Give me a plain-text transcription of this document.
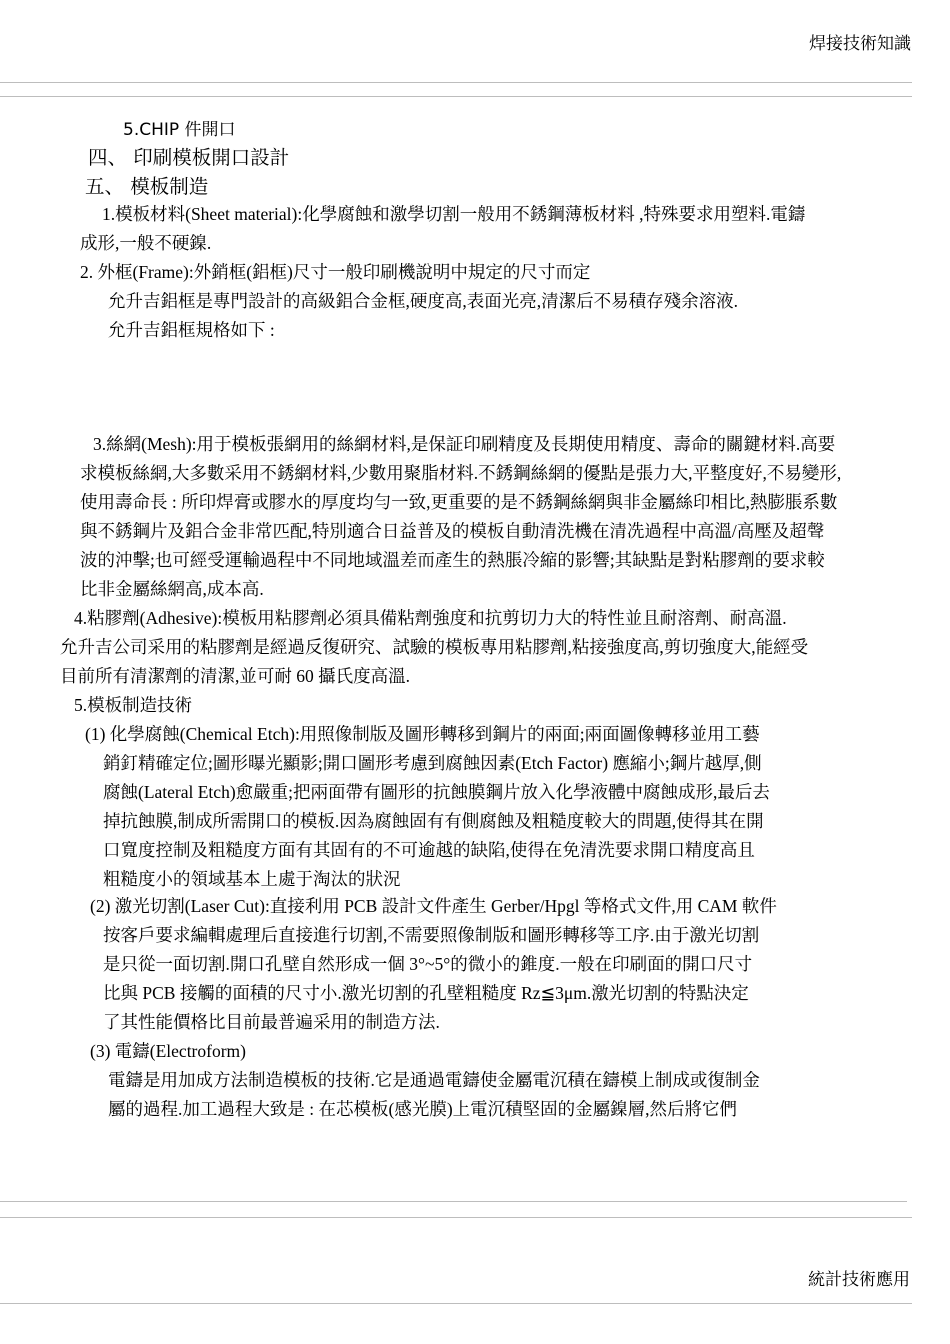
焊接技術知識
5.CHIP 件開口
四、 印刷模板開口設計
五、 模板制造
1.模板材料(Sheet material):化學腐蝕和激學切割一般用不銹鋼薄板材料 ,特殊要求用塑料.電鑄
成形,一般不硬鎳.
2. 外框(Frame):外銷框(鋁框)尺寸一般印刷機說明中規定的尺寸而定
允升吉鋁框是專門設計的高級鋁合金框,硬度高,表面光亮,清潔后不易積存殘余溶液.
允升吉鋁框規格如下 :
3.絲網(Mesh):用于模板張網用的絲網材料,是保証印刷精度及長期使用精度、壽命的關鍵材料.高要
求模板絲網,大多數采用不銹網材料,少數用聚脂材料.不銹鋼絲網的優點是張力大,平整度好,不易變形,
使用壽命長 : 所印焊膏或膠水的厚度均勻一致,更重要的是不銹鋼絲網與非金屬絲印相比,熱膨脹系數
與不銹鋼片及鋁合金非常匹配,特別適合日益普及的模板自動清洗機在清冼過程中高溫/高壓及超聲
波的沖擊;也可經受運輸過程中不同地域溫差而產生的熱脹冷縮的影響;其缺點是對粘膠劑的要求較
比非金屬絲網高,成本高.
4.粘膠劑(Adhesive):模板用粘膠劑必須具備粘劑強度和抗剪切力大的特性並且耐溶劑、耐高溫.
允升吉公司采用的粘膠劑是經過反復研究、試驗的模板專用粘膠劑,粘接強度高,剪切強度大,能經受
目前所有清潔劑的清潔,並可耐 60 攝氏度高溫.
5.模板制造技術
(1) 化學腐蝕(Chemical Etch):用照像制版及圖形轉移到鋼片的兩面;兩面圖像轉移並用工藝
銷釘精確定位;圖形曝光顯影;開口圖形考慮到腐蝕因素(Etch Factor) 應縮小;鋼片越厚,側
腐蝕(Lateral Etch)愈嚴重;把兩面帶有圖形的抗蝕膜鋼片放入化學液體中腐蝕成形,最后去
掉抗蝕膜,制成所需開口的模板.因為腐蝕固有有側腐蝕及粗糙度較大的問題,使得其在開
口寬度控制及粗糙度方面有其固有的不可逾越的缺陷,使得在免清洗要求開口精度高且
粗糙度小的領域基本上處于淘汰的狀況
(2) 激光切割(Laser Cut):直接利用 PCB 設計文件產生 Gerber/Hpgl 等格式文件,用 CAM 軟件
按客戶要求編輯處理后直接進行切割,不需要照像制版和圖形轉移等工序.由于激光切割
是只從一面切割.開口孔壁自然形成一個 3°~5°的微小的錐度.一般在印刷面的開口尺寸
比與 PCB 接觸的面積的尺寸小.激光切割的孔壁粗糙度 Rz≦3μm.激光切割的特點決定
了其性能價格比目前最普遍采用的制造方法.
(3) 電鑄(Electroform)
電鑄是用加成方法制造模板的技術.它是通過電鑄使金屬電沉積在鑄模上制成或復制金
屬的過程.加工過程大致是 : 在芯模板(感光膜)上電沉積堅固的金屬鎳層,然后將它們
統計技術應用
